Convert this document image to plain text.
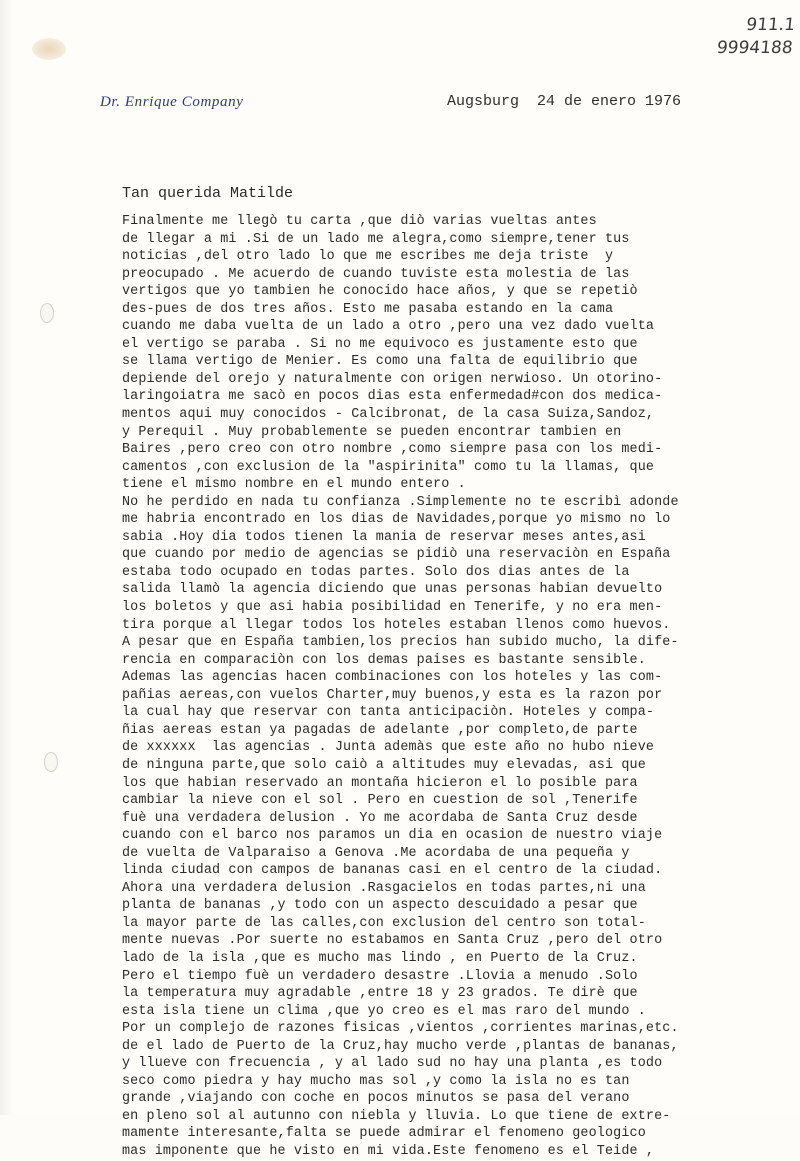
911.1
9994188
Dr. Enrique Company	Augsburg  24 de enero 1976
Tan querida Matilde
Finalmente me llegò tu carta ,que diò varias vueltas antes
de llegar a mi .Si de un lado me alegra,como siempre,tener tus
noticias ,del otro lado lo que me escribes me deja triste  y
preocupado . Me acuerdo de cuando tuviste esta molestia de las
vertigos que yo tambien he conocido hace años, y que se repetiò
des-pues de dos tres años. Esto me pasaba estando en la cama
cuando me daba vuelta de un lado a otro ,pero una vez dado vuelta
el vertigo se paraba . Si no me equivoco es justamente esto que
se llama vertigo de Menier. Es como una falta de equilibrio que
depiende del orejo y naturalmente con origen nerwioso. Un otorino-
laringoiatra me sacò en pocos dias esta enfermedad#con dos medica-
mentos aqui muy conocidos - Calcibronat, de la casa Suiza,Sandoz,
y Perequil . Muy probablemente se pueden encontrar tambien en
Baires ,pero creo con otro nombre ,como siempre pasa con los medi-
camentos ,con exclusion de la "aspirinita" como tu la llamas, que
tiene el mismo nombre en el mundo entero .
No he perdido en nada tu confianza .Simplemente no te escribì adonde
me habria encontrado en los dias de Navidades,porque yo mismo no lo
sabia .Hoy dia todos tienen la mania de reservar meses antes,asi
que cuando por medio de agencias se pidiò una reservaciòn en España
estaba todo ocupado en todas partes. Solo dos dias antes de la
salida llamò la agencia diciendo que unas personas habian devuelto
los boletos y que asi habia posibilidad en Tenerife, y no era men-
tira porque al llegar todos los hoteles estaban llenos como huevos.
A pesar que en España tambien,los precios han subido mucho, la dife-
rencia en comparaciòn con los demas paises es bastante sensible.
Ademas las agencias hacen combinaciones con los hoteles y las com-
pañias aereas,con vuelos Charter,muy buenos,y esta es la razon por
la cual hay que reservar con tanta anticipaciòn. Hoteles y compa-
ñias aereas estan ya pagadas de adelante ,por completo,de parte
de xxxxxx  las agencias . Junta ademàs que este año no hubo nieve
de ninguna parte,que solo caiò a altitudes muy elevadas, asi que
los que habian reservado an montaña hicieron el lo posible para
cambiar la nieve con el sol . Pero en cuestion de sol ,Tenerife
fuè una verdadera delusion . Yo me acordaba de Santa Cruz desde
cuando con el barco nos paramos un dia en ocasion de nuestro viaje
de vuelta de Valparaiso a Genova .Me acordaba de una pequeña y
linda ciudad con campos de bananas casi en el centro de la ciudad.
Ahora una verdadera delusion .Rasgacielos en todas partes,ni una
planta de bananas ,y todo con un aspecto descuidado a pesar que
la mayor parte de las calles,con exclusion del centro son total-
mente nuevas .Por suerte no estabamos en Santa Cruz ,pero del otro
lado de la isla ,que es mucho mas lindo , en Puerto de la Cruz.
Pero el tiempo fuè un verdadero desastre .Llovia a menudo .Solo
la temperatura muy agradable ,entre 18 y 23 grados. Te dirè que
esta isla tiene un clima ,que yo creo es el mas raro del mundo .
Por un complejo de razones fisicas ,vientos ,corrientes marinas,etc.
de el lado de Puerto de la Cruz,hay mucho verde ,plantas de bananas,
y llueve con frecuencia , y al lado sud no hay una planta ,es todo
seco como piedra y hay mucho mas sol ,y como la isla no es tan
grande ,viajando con coche en pocos minutos se pasa del verano
en pleno sol al autunno con niebla y lluvia. Lo que tiene de extre-
mamente interesante,falta se puede admirar el fenomeno geologico
mas imponente que he visto en mi vida.Este fenomeno es el Teide ,
